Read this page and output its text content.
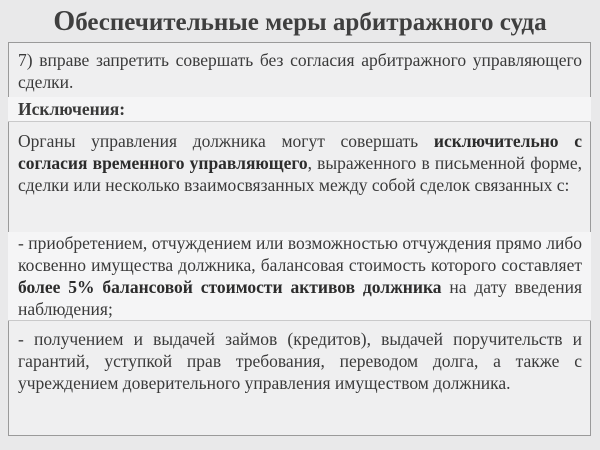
Обеспечительные меры арбитражного суда

7) вправе запретить совершать без согласия арбитражного управляющего сделки.

Исключения:

Органы управления должника могут совершать исключительно с согласия временного управляющего, выраженного в письменной форме, сделки или несколько взаимосвязанных между собой сделок связанных с:

- приобретением, отчуждением или возможностью отчуждения прямо либо косвенно имущества должника, балансовая стоимость которого составляет более 5% балансовой стоимости активов должника на дату введения наблюдения;

- получением и выдачей займов (кредитов), выдачей поручительств и гарантий, уступкой прав требования, переводом долга, а также с учреждением доверительного управления имуществом должника.
